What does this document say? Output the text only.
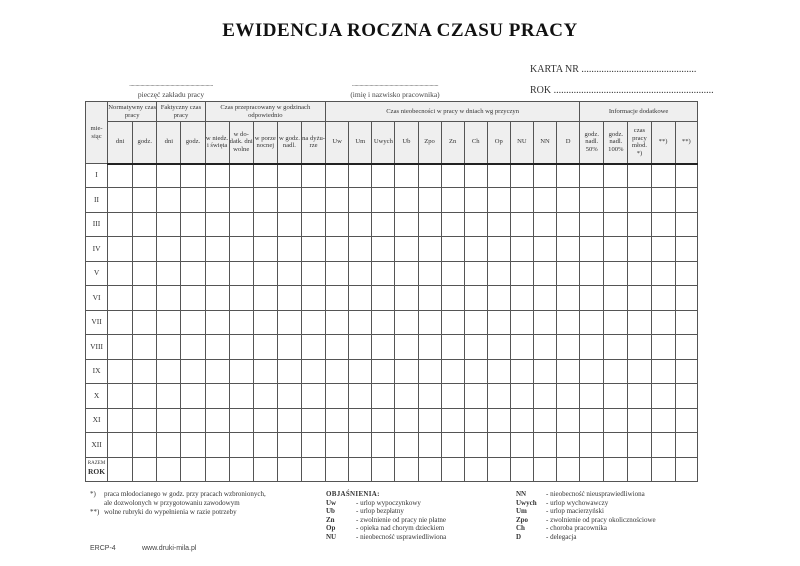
EWIDENCJA ROCZNA CZASU PRACY
KARTA NR ..............................................
ROK ................................................................
...................................................................
pieczęć zakładu pracy
.....................................................................
(imię i nazwisko pracownika)
mie-siąc	Normatywny czas pracy		Faktyczny czas pracy		Czas przepracowany w godzinach odpowiednio					Czas nieobecności w pracy w dniach wg przyczyn											Informacje dodatkowe				
	dni	godz.	dni	godz.	w niedz. i święta	w do-datk. dni wolne	w porze nocnej	w godz. nadl.	na dyżu-rze	Uw	Um	Uwych	Ub	Zpo	Zn	Ch	Op	NU	NN	D	godz. nadl. 50%	godz. nadl. 100%	czas pracy młod. *)	**)	**)
I																									
II																									
III																									
IV																									
V																									
VI																									
VII																									
VIII																									
IX																									
X																									
XI																									
XII																									

RAZEM
ROK																									
*) praca młodocianego w godz. przy pracach wzbronionych,
ale dozwolonych w przygotowaniu zawodowym
**) wolne rubryki do wypełnienia w razie potrzeby
OBJAŚNIENIA:
Uw	- urlop wypoczynkowy
Ub	- urlop bezpłatny
Zn	- zwolnienie od pracy nie płatne
Op	- opieka nad chorym dzieckiem
NU	- nieobecność usprawiedliwiona
NN	- nieobecność nieusprawiedliwiona
Uwych - urlop wychowawczy
Um	- urlop macierzyński
Zpo	- zwolnienie od pracy okolicznościowe
Ch	- choroba pracownika
D	- delegacja
ERCP-4	www.druki-mila.pl
